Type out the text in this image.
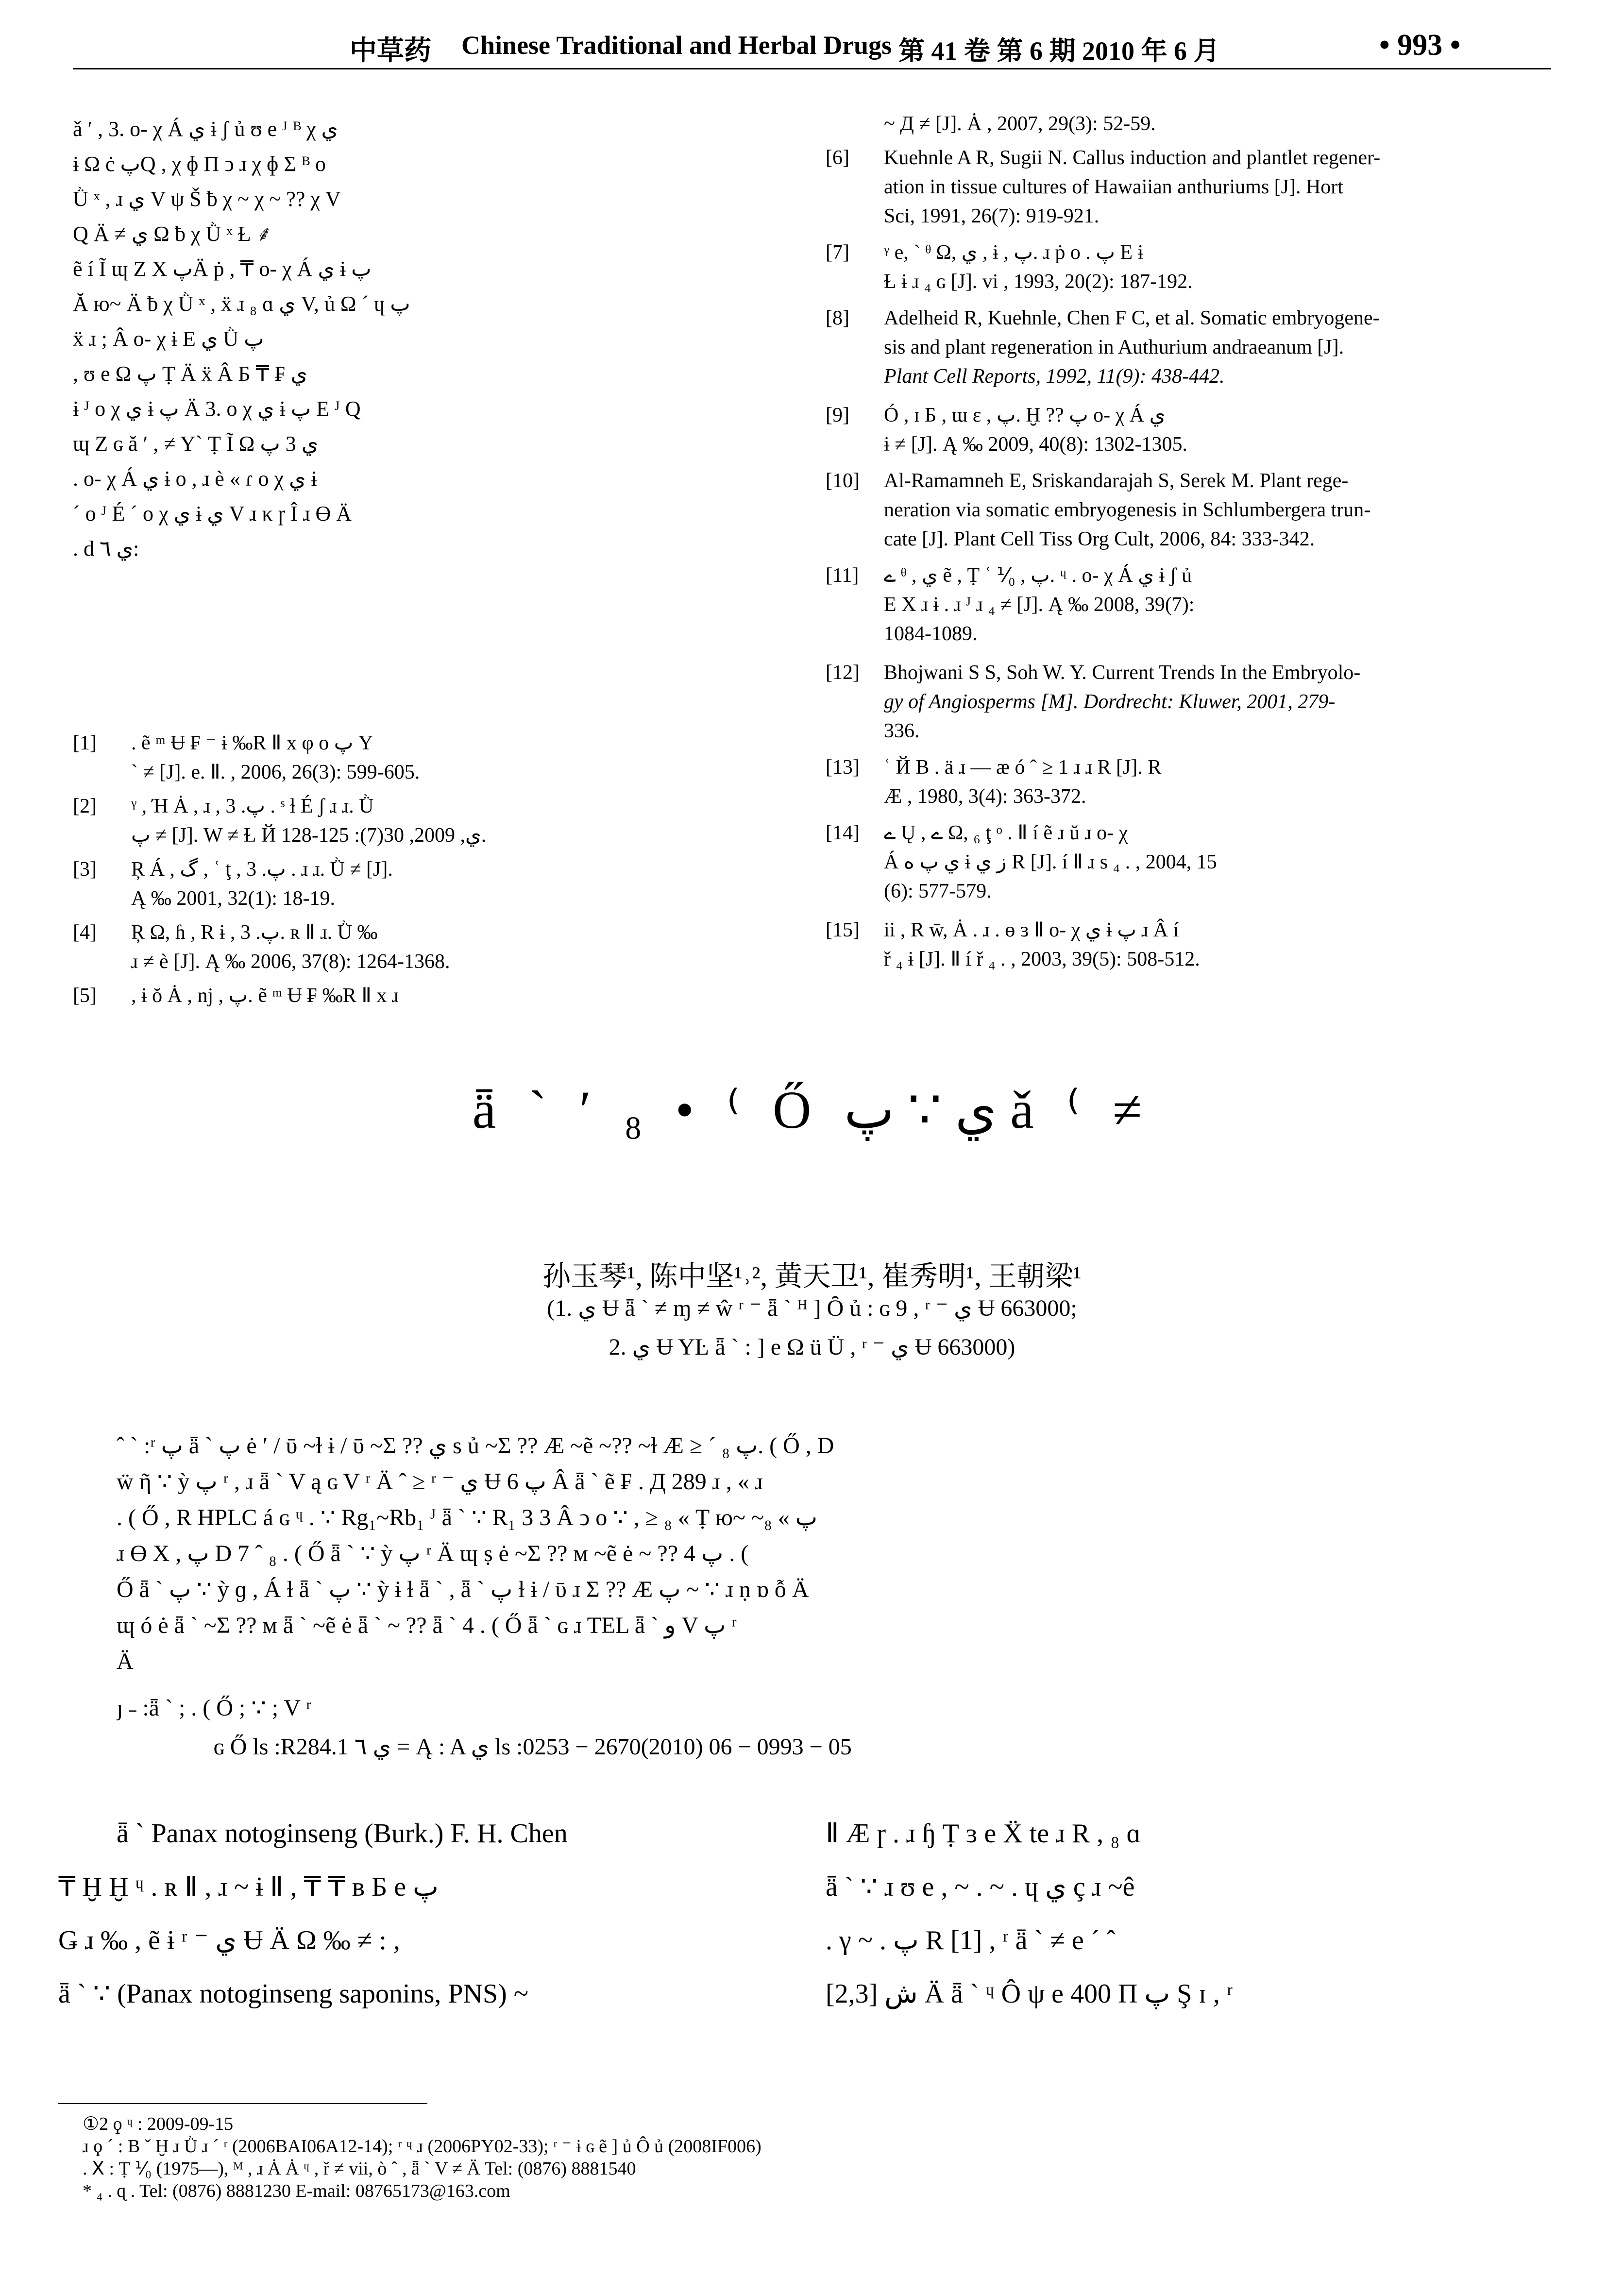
中草药 Chinese Traditional and Herbal Drugs 第 41 卷 第 6 期 2010 年 6 月	• 993 •
ǎ ′ , 3. o- χ Á ي ɨ ʃ ủ ʊ e ᴶ ᴮ χ ي
ɨ Ω ċ پQ , χ ɸ Π ↄ ɹ χ ɸ Σ ᴮ o
Ǜ ˣ , ɹ ي V ψ Š ƀ χ ~ χ ~ ?? χ V
Q Ä ≠ ي Ω ƀ χ Ǜ ˣ Ɫ ⸙
ẽ í Ĩ ɰ Ζ Χ پÄ ṗ , ₸ o- χ Á ي ɨ پ
Ă ю~ Ä ƀ χ Ǜ ˣ , ẍ ɹ ₈ ɑ ي V, ủ Ω ´ ɥ پ
ẍ ɹ ; Â o- χ ɨ E ي Ǜ پ
, ʊ e Ω پ Ṭ Ä ẍ Â Б ₸ ₣ ي
ɨ ᴶ o χ ي ɨ پ Ä 3. o χ ي ɨ پ E ᴶ Q
ɰ Ζ ɢ ǎ ′ , ≠ Y` Ṭ Ĩ Ω ي 3 پ
. o- χ Á ي ɨ o , ɹ è « ɾ o χ ي ɨ
´ o ᴶ É ´ o χ ي ɨ ي V ɹ κ ɼ Î ɹ ϴ Ä
. d ي ٦:
[1] . ẽ ᵐ Ʉ ₣ ⁻ ɨ ‰R Ⅱ x φ o پ Y
` ≠ [J]. e. Ⅱ. , 2006, 26(3): 599-605.
[2] ᵞ , Ή Ȧ , ɹ , پ. 3 . ˢ ɫ É ʃ ɹ ɹ. Ǜ
پ ≠ [J]. W ≠ Ɫ Й ي, 2009, 30(7): 125-128.
[3] Ŗ Á , گ , ʿ ţ , پ. 3 . ɹ ɹ. Ǜ ≠ [J].
Ą ‰ 2001, 32(1): 18-19.
[4] Ŗ Ω, ɦ , R ɨ , پ. 3. ʀ Ⅱ ɹ. Ǜ ‰
ɹ ≠ è [J]. Ą ‰ 2006, 37(8): 1264-1368.
[5] , ɨ ŏ Ȧ , nj , پ. ẽ ᵐ Ʉ ₣ ‰R Ⅱ x ɹ
~ Д ≠ [J]. Ȧ , 2007, 29(3): 52-59.
[6] Kuehnle A R, Sugii N. Callus induction and plantlet regener-
ation in tissue cultures of Hawaiian anthuriums [J]. Hort
Sci, 1991, 26(7): 919-921.
[7] ᵞ e, ` ᶿ Ω, ي , ɨ , پ. ɹ ṗ o . پ E ɨ
Ɫ ɨ ɹ ₄ ɢ [J]. vi , 1993, 20(2): 187-192.
[8] Adelheid R, Kuehnle, Chen F C, et al. Somatic embryogene-
sis and plant regeneration in Authurium andraeanum [J].
Plant Cell Reports, 1992, 11(9): 438-442.
[9] Ó , ɪ Б , ɯ ɛ , پ. Ḫ ?? پ o- χ Á ي
ɨ ≠ [J]. Ą ‰ 2009, 40(8): 1302-1305.
[10] Al-Ramamneh E, Sriskandarajah S, Serek M. Plant rege-
neration via somatic embryogenesis in Schlumbergera trun-
cate [J]. Plant Cell Tiss Org Cult, 2006, 84: 333-342.
[11] ے ᶿ , ي ẽ , Ṭ ʿ ⅟₀ , پ. ᶣ . o- χ Á ي ɨ ʃ ủ
E X ɹ ɨ . ɹ ᴶ ɹ ₄ ≠ [J]. Ą ‰ 2008, 39(7):
1084-1089.
[12] Bhojwani S S, Soh W. Y. Current Trends In the Embryolo-
gy of Angiosperms [M]. Dordrecht: Kluwer, 2001, 279-
336.
[13] ʿ Й B . ä ɹ — æ ó ˆ ≥ 1 ɹ ɹ R [J]. R
Æ , 1980, 3(4): 363-372.
[14] ے Ų , ے Ω, ₆ ţ ᵒ . Ⅱ í ẽ ɹ ŭ ɹ o- χ
Á ي پ ه ɨ ز ي R [J]. í Ⅱ ɹ s ₄ . , 2004, 15
(6): 577-579.
[15] ii , R w̄, Ȧ . ɹ . ɵ ɜ Ⅱ o- χ ي ɨ پ ɹ Â í
ř ₄ ɨ [J]. Ⅱ í ř ₄ . , 2003, 39(5): 508-512.
ǟ ˋ ′ ₈ • ⁽ Ő ي ∵ پ ǎ ⁽ ≠
孙玉琴¹, 陈中坚¹˒², 黄天卫¹, 崔秀明¹, 王朝梁¹
(1. ي Ʉ ǟ ` ≠ ɱ ≠ ŵ ʳ ⁻ ǟ ` ᴴ ] Ȏ ủ : ɢ 9 , ʳ ⁻ ي Ʉ 663000;
2. ي Ʉ YĿ ǟ ` : ] e Ω ü Ü , ʳ ⁻ ي Ʉ 663000)
ˆ ˋ :ʳ پ ǟ ` پ ė ʹ / ῡ ~ɫ ɨ / ῡ ~Σ ?? ي s ủ ~Σ ?? Æ ~ẽ ~?? ~ɫ Æ ≥ ´ ₈ پ. ( Ő , D
ẅ ῆ ∵ ỳ پ ʳ , ɹ ǟ ` V ą ɢ V ʳ Ä ˆ ≥ ʳ ⁻ ي Ʉ پ 6 Â ǟ ` ẽ ₣ . Д 289 ɹ , « ɹ
. ( Ő , R HPLC á ɢ ᶣ . ∵ Rg₁~Rb₁ ᴶ ǟ ` ∵ R₁ 3 3 Â ↄ o ∵ , ≥ ₈ « Ṭ ю~ ~₈ « پ
ɹ ϴ X , پ D 7 ˆ ₈ . ( Ő ǟ ` ∵ ỳ پ ʳ Ä ɰ ṣ ė ~Σ ?? ᴍ ~ẽ ė ~ ?? پ 4 . (
Ő ǟ ` پ ∵ ỳ ɡ , Á ɫ ǟ ` پ ∵ ỳ ɨ ɫ ǟ ` , ǟ ` پ ɫ ɨ / ῡ ɹ Σ ?? Æ پ ~ ∵ ɹ ṇ ɒ ỗ Ä
ɰ ó ė ǟ ` ~Σ ?? ᴍ ǟ ` ~ẽ ė ǟ ` ~ ?? ǟ ` 4 . ( Ő ǟ ` ɢ ɹ TEL ǟ ` و V پ ʳ
Ä
ȷ ˗ :ǟ ` ; . ( Ő ; ∵ ; V ʳ
ɢ Ő ls :R284.1 ي ٦ = Ą : A ي ls :0253 − 2670(2010) 06 − 0993 − 05
ǟ ` Panax notoginseng (Burk.) F. H. Chen
₸ Ḫ Ḫ ᶣ . ʀ Ⅱ , ɹ ~ ɨ Ⅱ , ₸ ₸ ʙ Б e پ
Ǥ ɹ ‰ , ẽ ɨ ʳ ⁻ ي Ʉ Ä Ω ‰ ≠ : ,
ǟ ` ∵ (Panax notoginseng saponins, PNS) ~
Ⅱ Æ ɼ . ɹ ɧ Ṭ ɜ e Ẍ te ɹ R , ₈ ɑ
ǟ ` ∵ ɹ ʊ e , ~ . ~ . ɥ ي ç ɹ ~ê
. γ ~ . پ R [1] , ʳ ǟ ` ≠ e ´ ˆ
ش [2,3] Ä ǟ ` ᶣ Ô ψ e 400 Π پ Ş ɪ , ʳ
①2 ϙ ᶣ : 2009-09-15
ɹ ϙ ´ : B ˇ Ḫ ɹ Ǜ ɹ ´ ʳ (2006BAI06A12-14); ʳ ᶣ ɹ (2006PY02-33); ʳ ⁻ ɨ ɢ ẽ ] ủ Ô ủ (2008IF006)
. Ⅹ : Ṭ ⅟₀ (1975—), ᴹ , ɹ Ȧ Ȧ ᶣ , ř ≠ vii, ò ˆ , ǟ ` V ≠ Ä Tel: (0876) 8881540
* ₄ . ɋ . Tel: (0876) 8881230 E-mail: 08765173@163.com
